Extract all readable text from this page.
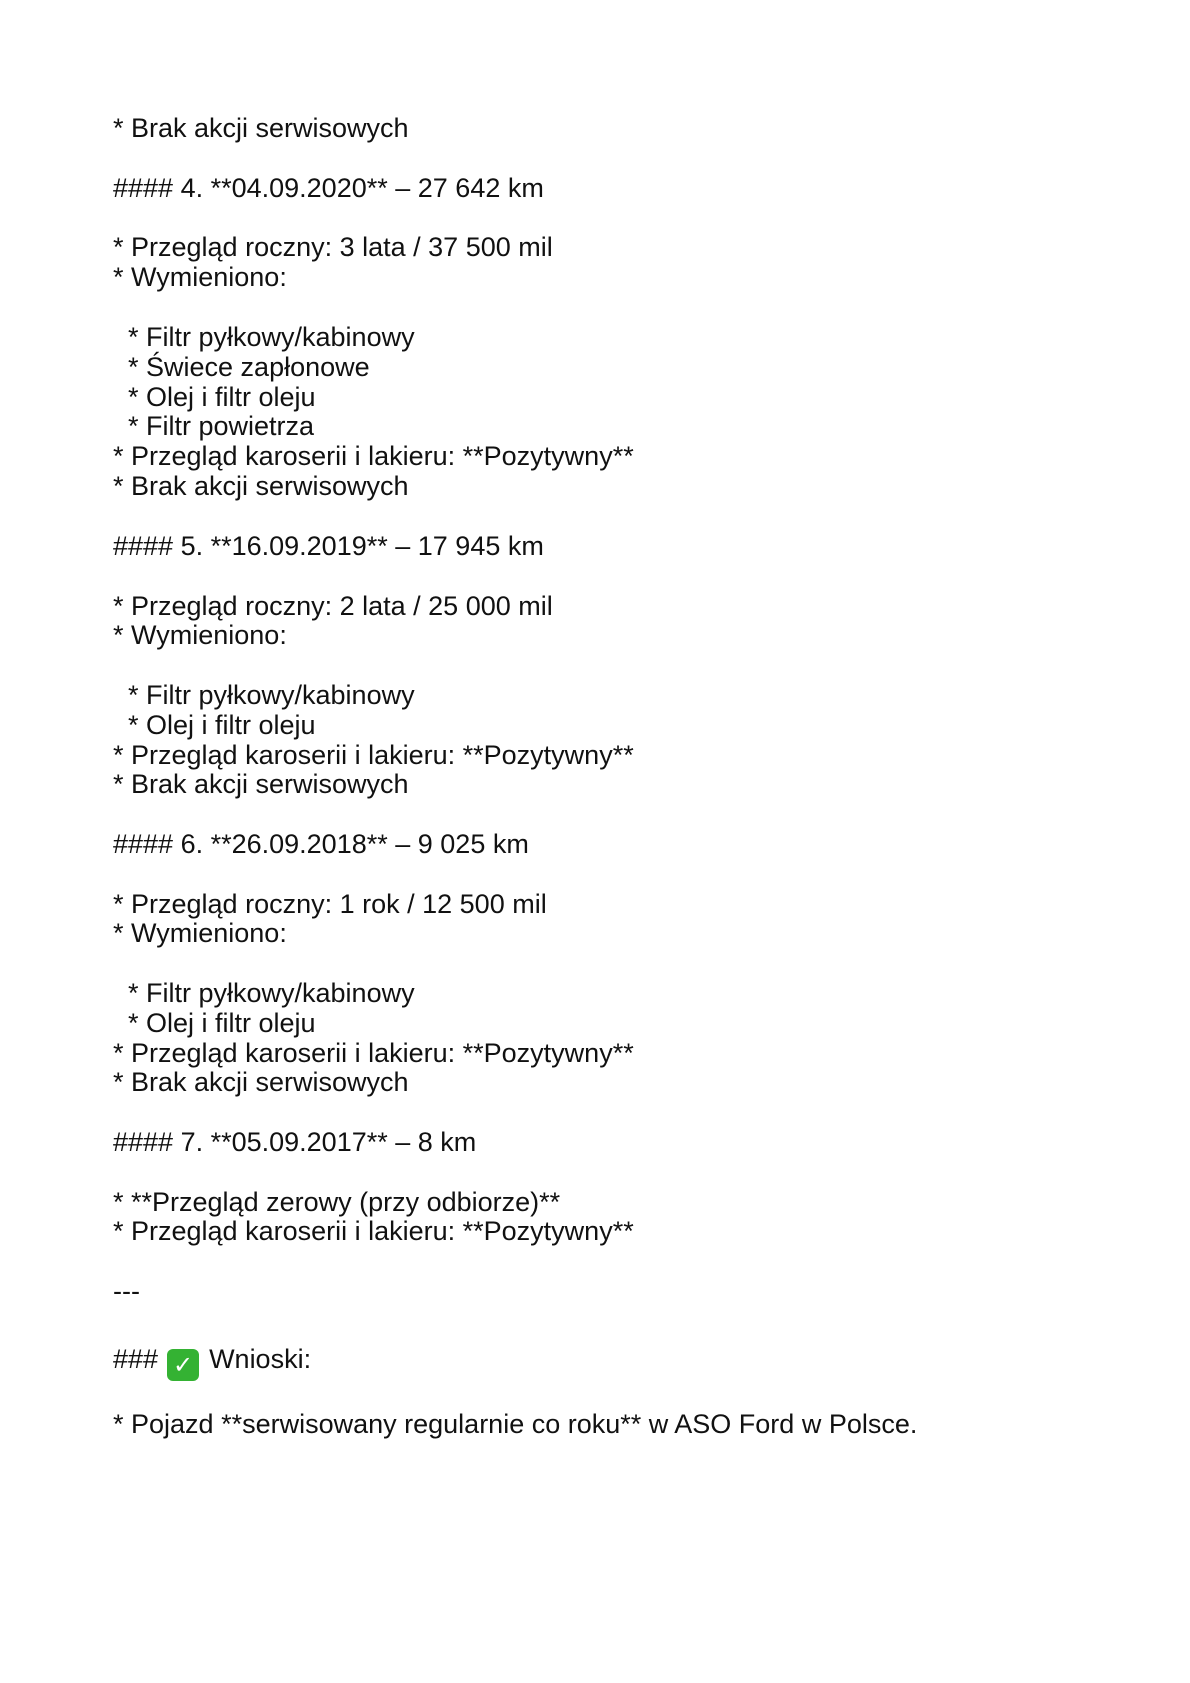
* Brak akcji serwisowych
#### 4. **04.09.2020** – 27 642 km
* Przegląd roczny: 3 lata / 37 500 mil
* Wymieniono:
* Filtr pyłkowy/kabinowy
* Świece zapłonowe
* Olej i filtr oleju
* Filtr powietrza
* Przegląd karoserii i lakieru: **Pozytywny**
* Brak akcji serwisowych
#### 5. **16.09.2019** – 17 945 km
* Przegląd roczny: 2 lata / 25 000 mil
* Wymieniono:
* Filtr pyłkowy/kabinowy
* Olej i filtr oleju
* Przegląd karoserii i lakieru: **Pozytywny**
* Brak akcji serwisowych
#### 6. **26.09.2018** – 9 025 km
* Przegląd roczny: 1 rok / 12 500 mil
* Wymieniono:
* Filtr pyłkowy/kabinowy
* Olej i filtr oleju
* Przegląd karoserii i lakieru: **Pozytywny**
* Brak akcji serwisowych
#### 7. **05.09.2017** – 8 km
* **Przegląd zerowy (przy odbiorze)**
* Przegląd karoserii i lakieru: **Pozytywny**
---
### ✓ Wnioski:
* Pojazd **serwisowany regularnie co roku** w ASO Ford w Polsce.
